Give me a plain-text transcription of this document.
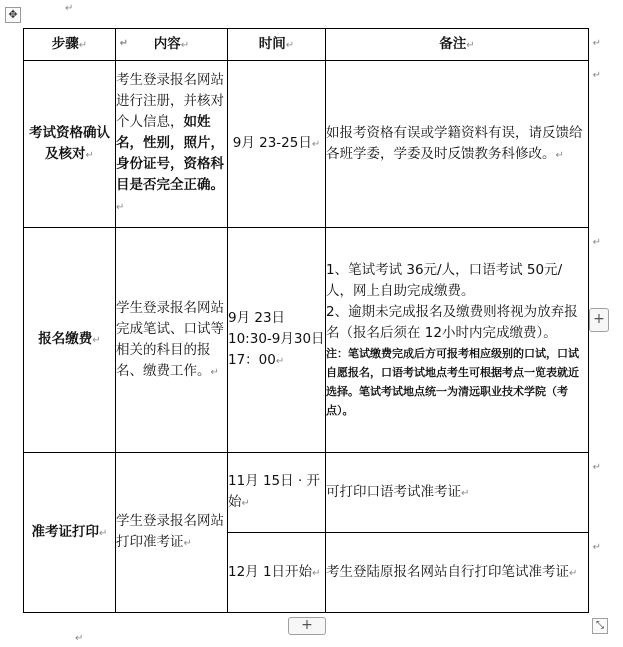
✥	↵
步骤↵ ↵	内容↵	时间↵	备注↵ ↵

考试资格确认及核对↵	考生登录报名网站进行注册，并核对个人信息，如姓名，性别，照片，身份证号，资格科目是否完全正确。↵	9月 23-25日↵	如报考资格有误或学籍资料有误，请反馈给各班学委，学委及时反馈教务科修改。↵
↵

报名缴费↵	学生登录报名网站完成笔试、口试等相关的科目的报名、缴费工作。↵	9月 23日 10:30-9月30日 17：00↵	1、笔试考试 36元/人，口语考试 50元/人，网上自助完成缴费。
2、逾期未完成报名及缴费则将视为放弃报名（报名后须在 12小时内完成缴费）。
注：笔试缴费完成后方可报考相应级别的口试，口试自愿报名，口语考试地点考生可根据考点一览表就近选择。笔试考试地点统一为清远职业技术学院（考点）。
↵

准考证打印↵	学生登录报名网站打印准考证↵	11月 15日 · 开始↵	可打印口语考试准考证↵
↵

		12月 1日开始↵	考生登陆原报名网站自行打印笔试准考证↵
↵
+
+	⤡
↵
